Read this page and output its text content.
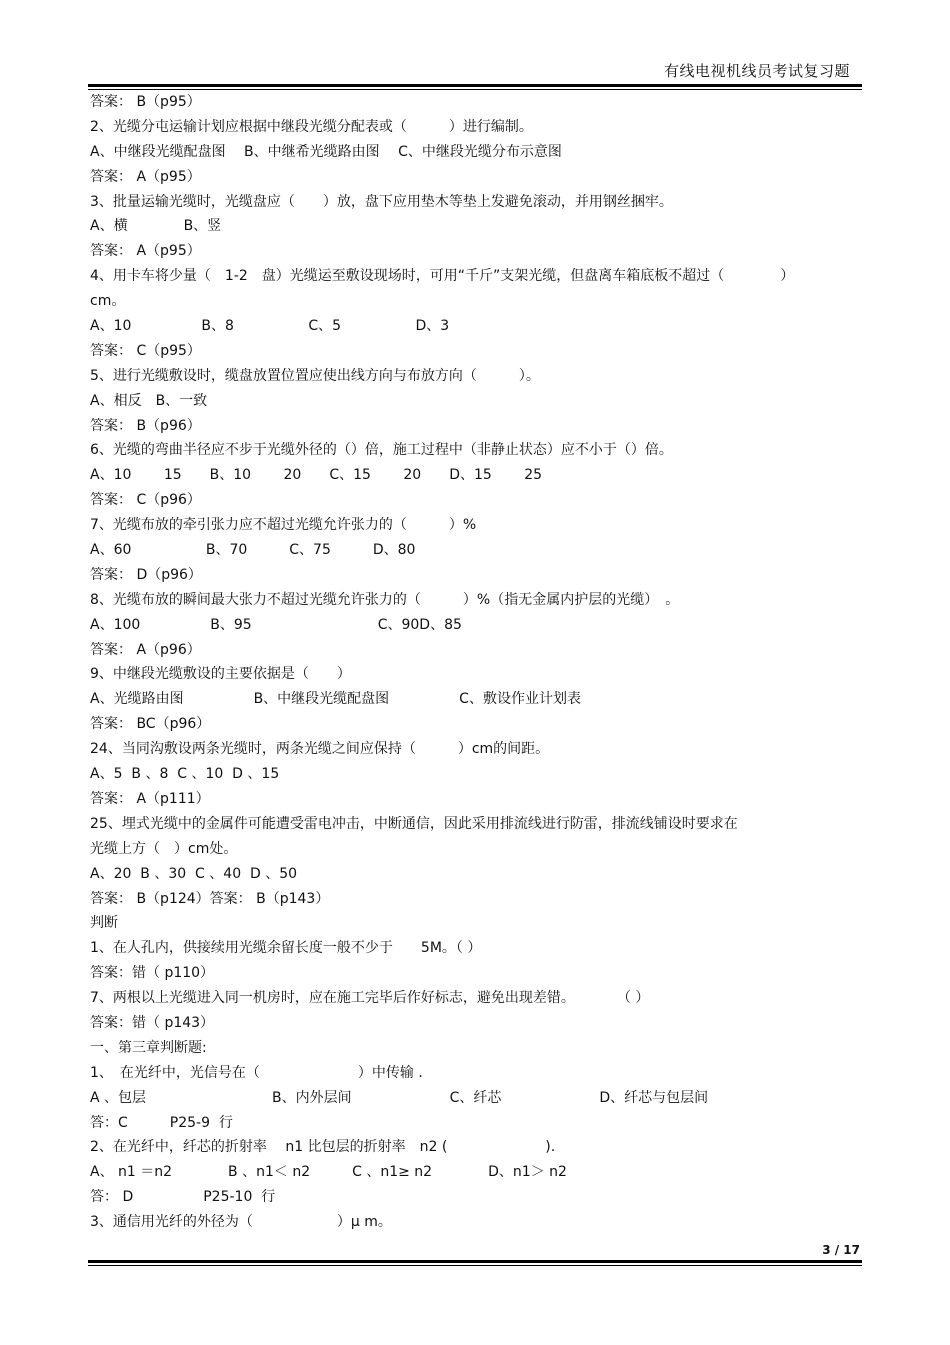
有线电视机线员考试复习题
答案： B（p95）
2、光缆分屯运输计划应根据中继段光缆分配表或（　　　）进行编制。
A、中继段光缆配盘图　 B、中继希光缆路由图　 C、中继段光缆分布示意图
答案： A（p95）
3、批量运输光缆时，光缆盘应（　　）放，盘下应用垫木等垫上发避免滚动，并用钢丝捆牢。
A、横　　　　B、竖
答案： A（p95）
4、用卡车将少量（　1-2　盘）光缆运至敷设现场时，可用“千斤”支架光缆，但盘离车箱底板不超过（　　　　）
cm。
A、10　　　　　B、8　　　　　 C、5　　　　　 D、3
答案： C（p95）
5、进行光缆敷设时，缆盘放置位置应使出线方向与布放方向（　　　）。
A、相反　B、一致
答案： B（p96）
6、光缆的弯曲半径应不步于光缆外径的（）倍，施工过程中（非静止状态）应不小于（）倍。
A、10　　 15　　B、10　　 20　　C、15　　 20　　D、15　　 25
答案： C（p96）
7、光缆布放的牵引张力应不超过光缆允许张力的（　　　）%
A、60　　　　　 B、70　　　C、75　　　D、80
答案： D（p96）
8、光缆布放的瞬间最大张力不超过光缆允许张力的（　　　）%（指无金属内护层的光缆）　。
A、100　　　　　B、95　　　　　　　　　C、90D、85
答案： A（p96）
9、中继段光缆敷设的主要依据是（　　）
A、光缆路由图　　　　　B、中继段光缆配盘图　　　　　C、敷设作业计划表
答案： BC（p96）
24、当同沟敷设两条光缆时，两条光缆之间应保持（　　　）cm的间距。
A、5  B 、8  C 、10  D 、15
答案： A（p111）
25、埋式光缆中的金属件可能遭受雷电冲击，中断通信，因此采用排流线进行防雷，排流线铺设时要求在
光缆上方（　）cm处。
A、20  B 、30  C 、40  D 、50
答案： B（p124）答案： B（p143）
判断
1、在人孔内，供接续用光缆余留长度一般不少于　　5M。（ ）
答案：错（ p110）
7、两根以上光缆进入同一机房时，应在施工完毕后作好标志，避免出现差错。　　　　（ ）
答案：错（ p143）
一、第三章判断题:
1、　在光纤中，光信号在（　　　　　　　）中传输 .
A 、包层　　　　　　　　　B、内外层间　　　　　　　C、纤芯　　　　　　　D、纤芯与包层间
答：C　　　P25-9  行
2、在光纤中，纤芯的折射率　 n1 比包层的折射率　n2 (　　　　　　　).
A、 n1 ＝n2　　　　B 、n1＜ n2　　　C 、n1≥ n2　　　　D、n1＞ n2
答： D　　　　　P25-10  行
3、通信用光纤的外径为（　　　　　　）μ m。
3 / 17
